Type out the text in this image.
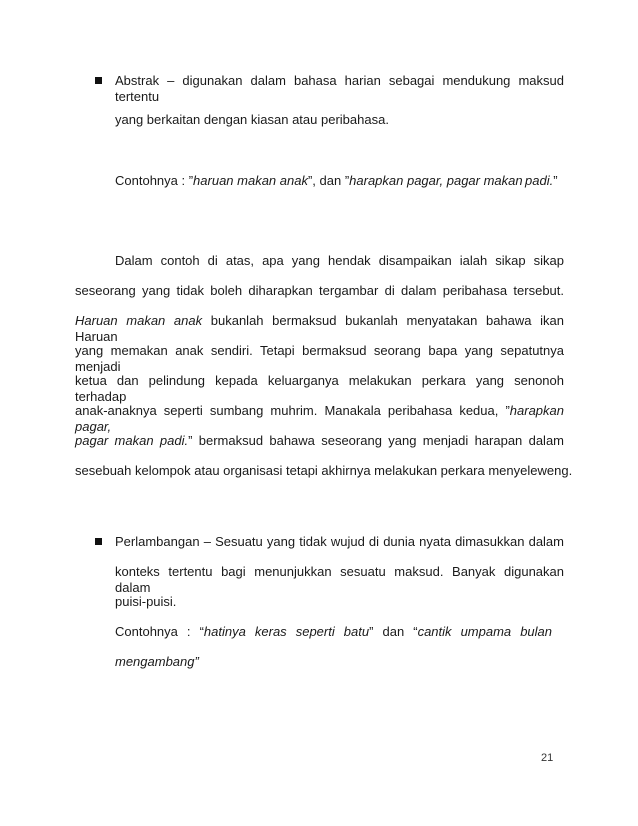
Abstrak – digunakan dalam bahasa harian sebagai mendukung maksud tertentu
yang berkaitan dengan kiasan atau peribahasa.
Contohnya : ”haruan makan anak”, dan ”harapkan pagar, pagar makan padi.”
Dalam contoh di atas, apa yang hendak disampaikan ialah sikap sikap
seseorang yang tidak boleh diharapkan tergambar di dalam peribahasa tersebut.
Haruan makan anak bukanlah bermaksud bukanlah menyatakan bahawa ikan Haruan
yang memakan anak sendiri. Tetapi bermaksud seorang bapa yang sepatutnya menjadi
ketua dan pelindung kepada keluarganya melakukan perkara yang senonoh terhadap
anak-anaknya seperti sumbang muhrim. Manakala peribahasa kedua, ”harapkan pagar,
pagar makan padi.” bermaksud bahawa seseorang yang menjadi harapan dalam
sesebuah kelompok atau organisasi tetapi akhirnya melakukan perkara menyeleweng.
Perlambangan – Sesuatu yang tidak wujud di dunia nyata dimasukkan dalam
konteks tertentu bagi menunjukkan sesuatu maksud. Banyak digunakan dalam
puisi-puisi.
Contohnya : “hatinya keras seperti batu” dan “cantik umpama bulan
mengambang”
21
